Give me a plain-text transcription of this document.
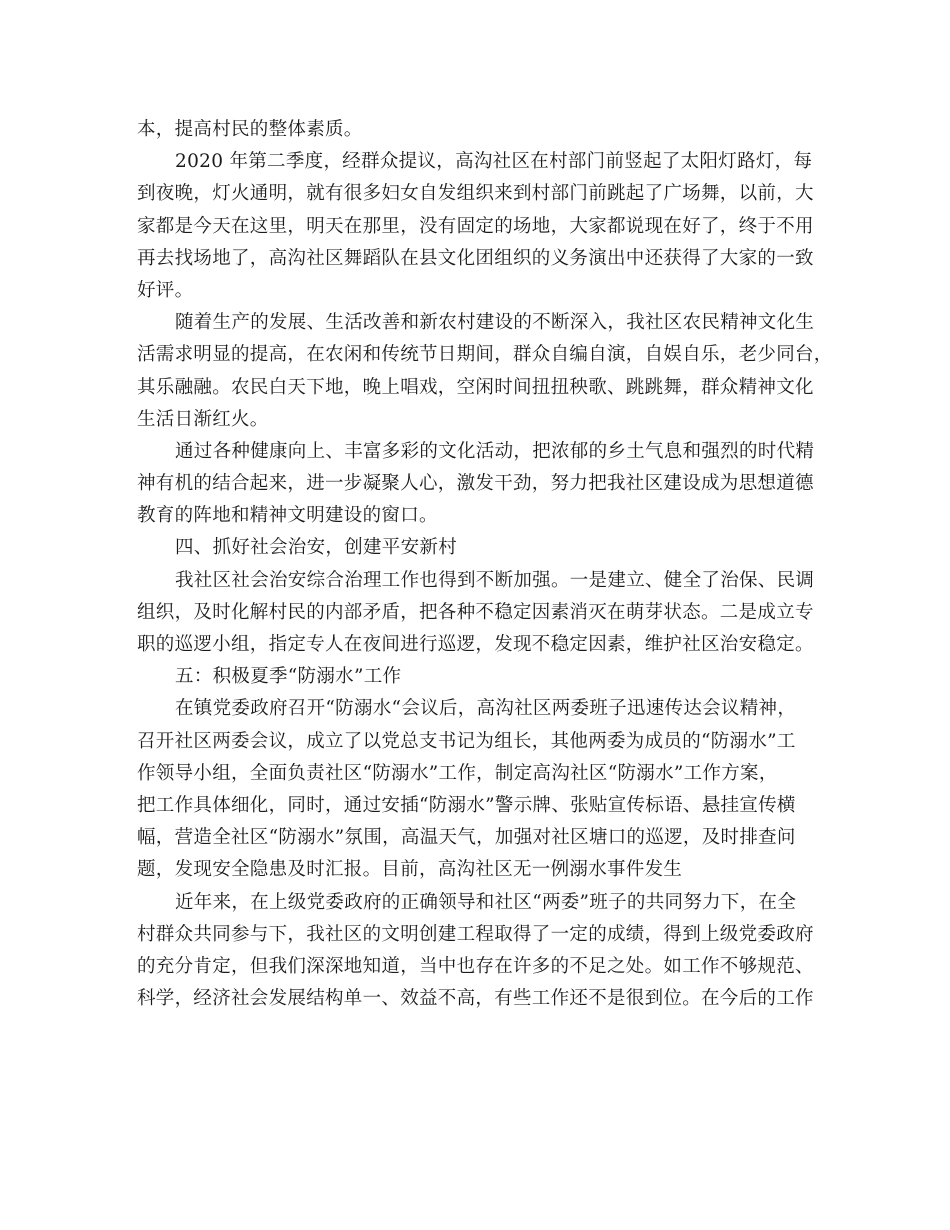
本，提高村民的整体素质。
2020 年第二季度，经群众提议，高沟社区在村部门前竖起了太阳灯路灯，每
到夜晚，灯火通明，就有很多妇女自发组织来到村部门前跳起了广场舞，以前，大
家都是今天在这里，明天在那里，没有固定的场地，大家都说现在好了，终于不用
再去找场地了，高沟社区舞蹈队在县文化团组织的义务演出中还获得了大家的一致
好评。
随着生产的发展、生活改善和新农村建设的不断深入，我社区农民精神文化生
活需求明显的提高，在农闲和传统节日期间，群众自编自演，自娱自乐，老少同台，
其乐融融。农民白天下地，晚上唱戏，空闲时间扭扭秧歌、跳跳舞，群众精神文化
生活日渐红火。
通过各种健康向上、丰富多彩的文化活动，把浓郁的乡土气息和强烈的时代精
神有机的结合起来，进一步凝聚人心，激发干劲，努力把我社区建设成为思想道德
教育的阵地和精神文明建设的窗口。
四、抓好社会治安，创建平安新村
我社区社会治安综合治理工作也得到不断加强。一是建立、健全了治保、民调
组织，及时化解村民的内部矛盾，把各种不稳定因素消灭在萌芽状态。二是成立专
职的巡逻小组，指定专人在夜间进行巡逻，发现不稳定因素，维护社区治安稳定。
五：积极夏季“防溺水”工作
在镇党委政府召开“防溺水“会议后，高沟社区两委班子迅速传达会议精神，
召开社区两委会议，成立了以党总支书记为组长，其他两委为成员的“防溺水”工
作领导小组，全面负责社区“防溺水”工作，制定高沟社区“防溺水”工作方案，
把工作具体细化，同时，通过安插“防溺水”警示牌、张贴宣传标语、悬挂宣传横
幅，营造全社区“防溺水”氛围，高温天气，加强对社区塘口的巡逻，及时排查问
题，发现安全隐患及时汇报。目前，高沟社区无一例溺水事件发生
近年来，在上级党委政府的正确领导和社区“两委”班子的共同努力下，在全
村群众共同参与下，我社区的文明创建工程取得了一定的成绩，得到上级党委政府
的充分肯定，但我们深深地知道，当中也存在许多的不足之处。如工作不够规范、
科学，经济社会发展结构单一、效益不高，有些工作还不是很到位。在今后的工作
